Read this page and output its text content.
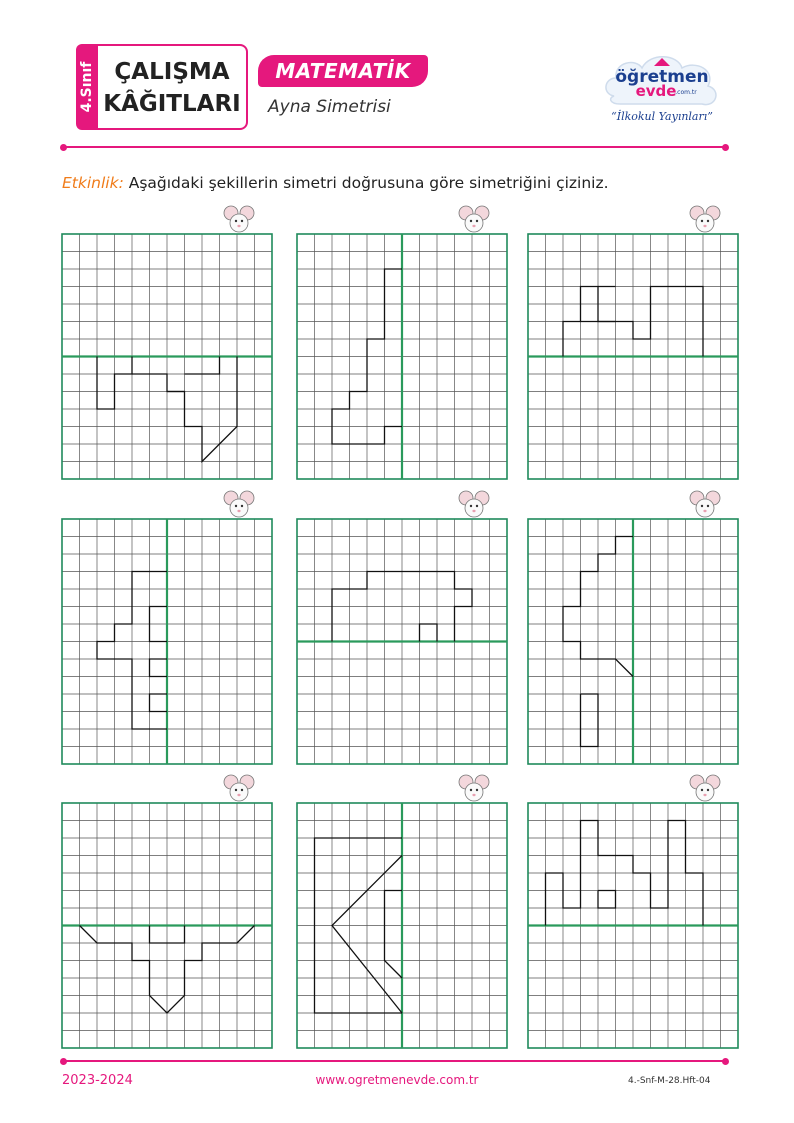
4.Sınıf ÇALIŞMA
KÂĞITLARI
MATEMATİK
Ayna Simetrisi
öğretmen
evde
.com.tr
“İlkokul Yayınları”
Etkinlik: Aşağıdaki şekillerin simetri doğrusuna göre simetriğini çiziniz.
2023-2024	www.ogretmenevde.com.tr	4.-Snf-M-28.Hft-04
